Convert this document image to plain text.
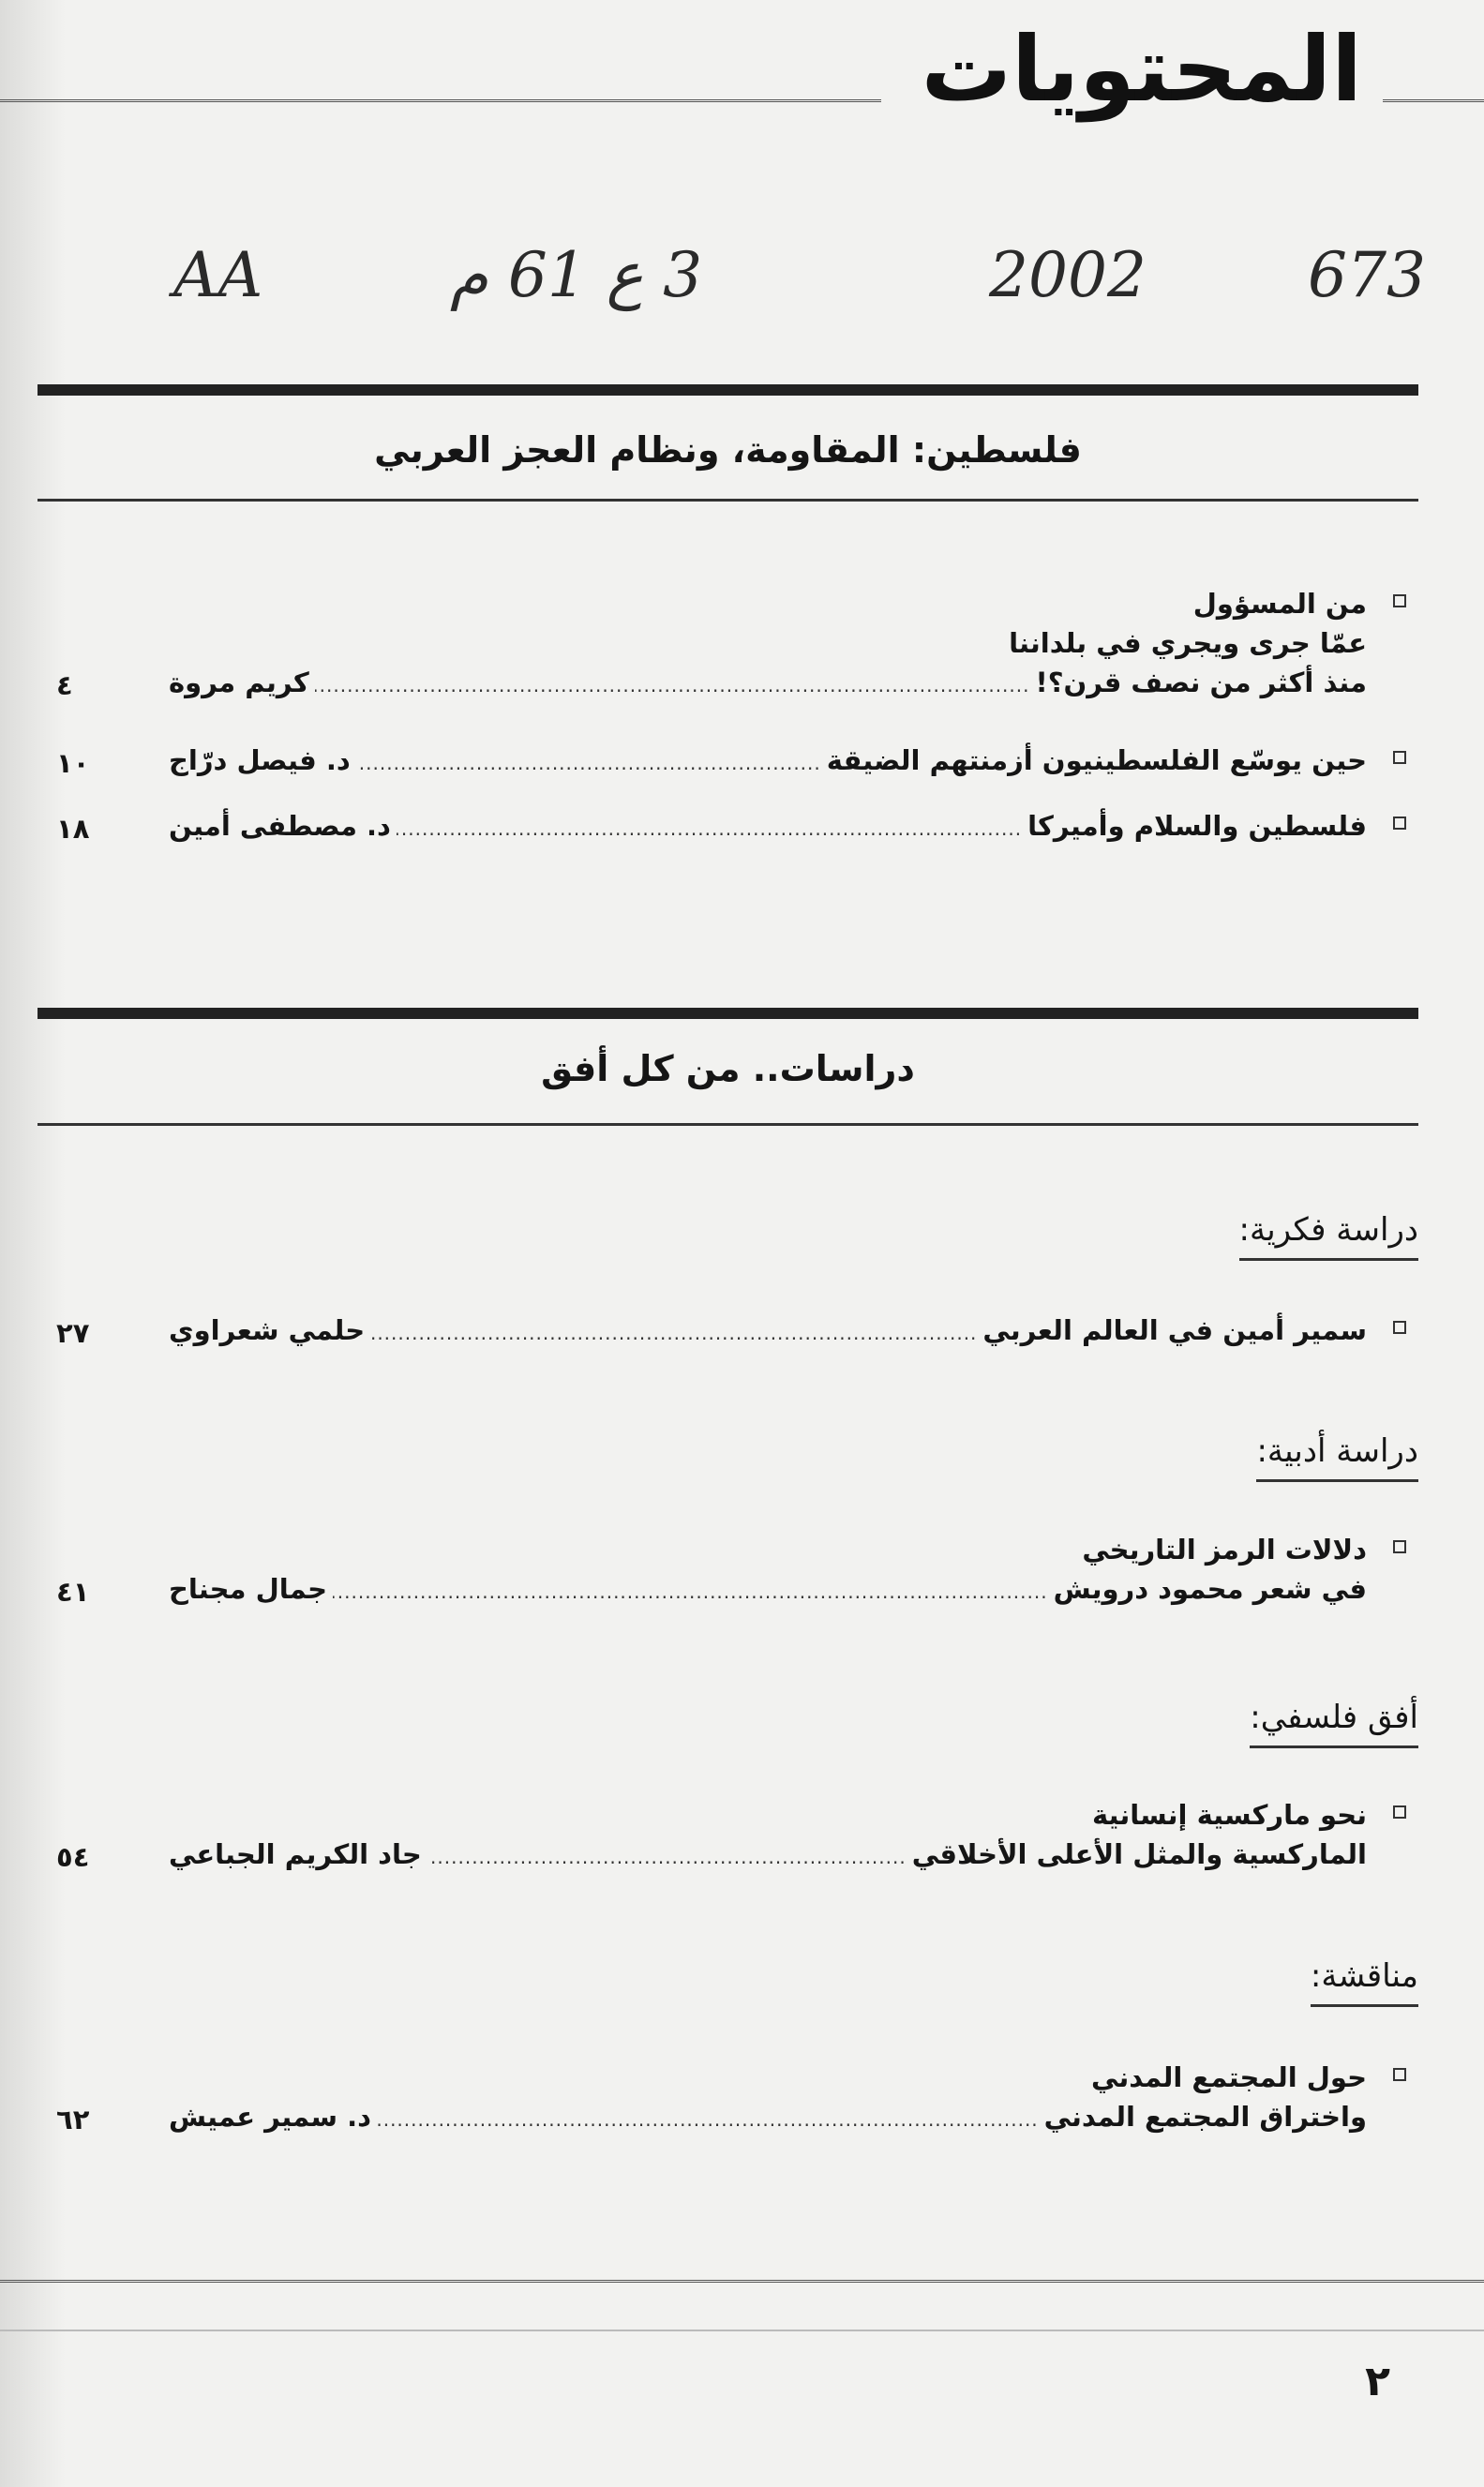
المحتويات
673
2002
3 ع 61 م
AA
فلسطين: المقاومة، ونظام العجز العربي
من المسؤول
عمّا جرى ويجري في بلداننا
منذ أكثر من نصف قرن؟!
.....
كريم مروة
٤
حين يوسّع الفلسطينيون أزمنتهم الضيقة
.....
د. فيصل درّاج
١٠
فلسطين والسلام وأميركا
.....
د. مصطفى أمين
١٨
دراسات.. من كل أفق
دراسة فكرية:
سمير أمين في العالم العربي
.....
حلمي شعراوي
٢٧
دراسة أدبية:
دلالات الرمز التاريخي
في شعر محمود درويش
.....
جمال مجناح
٤١
أفق فلسفي:
نحو ماركسية إنسانية
الماركسية والمثل الأعلى الأخلاقي
.....
جاد الكريم الجباعي
٥٤
مناقشة:
حول المجتمع المدني
واختراق المجتمع المدني
.....
د. سمير عميش
٦٢
٢
